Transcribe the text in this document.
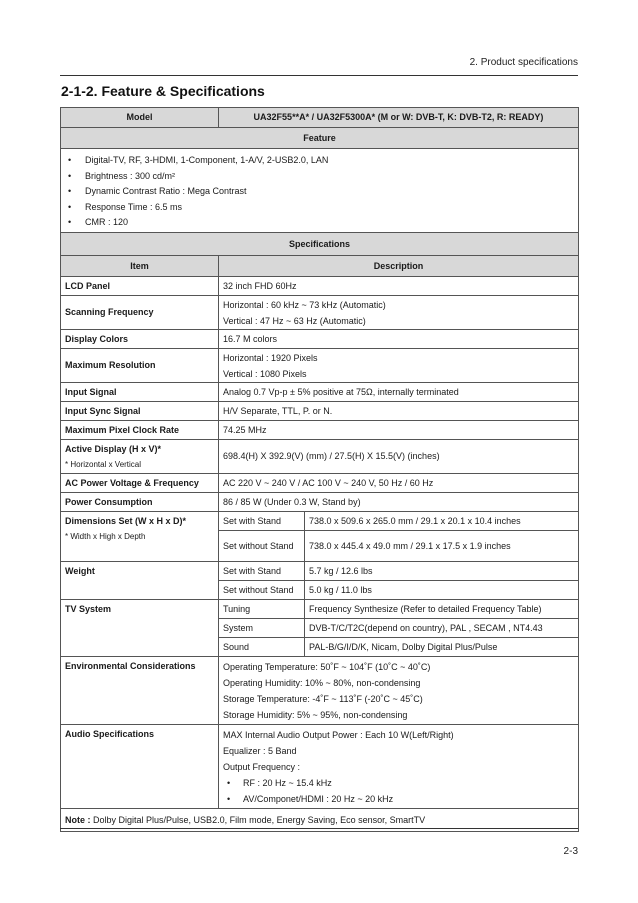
2. Product specifications
2-1-2. Feature & Specifications
Model	UA32F55**A* / UA32F5300A* (M or W: DVB-T, K: DVB-T2, R: READY)
Feature

• Digital-TV, RF, 3-HDMI, 1-Component, 1-A/V, 2-USB2.0, LAN
• Brightness : 300 cd/m²
• Dynamic Contrast Ratio : Mega Contrast
• Response Time : 6.5 ms
• CMR : 120
Specifications		
Item	Description	
LCD Panel	32 inch FHD 60Hz	
Scanning Frequency	Horizontal : 60 kHz ~ 73 kHz (Automatic)
Vertical : 47 Hz ~ 63 Hz (Automatic)	

Display Colors	16.7 M colors	
Maximum Resolution	Horizontal : 1920 Pixels
Vertical : 1080 Pixels	

Input Signal	Analog 0.7 Vp-p ± 5% positive at 75Ω, internally terminated	
Input Sync Signal	H/V Separate, TTL, P. or N.	
Maximum Pixel Clock Rate	74.25 MHz	
Active Display (H x V)*
* Horizontal x Vertical	698.4(H) X 392.9(V) (mm) / 27.5(H) X 15.5(V) (inches)	
AC Power Voltage & Frequency	AC 220 V ~ 240 V / AC 100 V ~ 240 V, 50 Hz / 60 Hz	
Power Consumption	86 / 85 W (Under 0.3 W, Stand by)	
Dimensions Set (W x H x D)*
* Width x High x Depth	Set with Stand	738.0 x 509.6 x 265.0 mm / 29.1 x 20.1 x 10.4 inches
	Set without Stand	738.0 x 445.4 x 49.0 mm / 29.1 x 17.5 x 1.9 inches
Weight	Set with Stand	5.7 kg / 12.6 lbs
	Set without Stand	5.0 kg / 11.0 lbs
TV System	Tuning	Frequency Synthesize (Refer to detailed Frequency Table)
	System	DVB-T/C/T2C(depend on country), PAL , SECAM , NT4.43
	Sound	PAL-B/G/I/D/K, Nicam, Dolby Digital Plus/Pulse
Environmental Considerations	Operating Temperature: 50˚F ~ 104˚F (10˚C ~ 40˚C)
Operating Humidity: 10% ~ 80%, non-condensing
Storage Temperature: -4˚F ~ 113˚F (-20˚C ~ 45˚C)
Storage Humidity: 5% ~ 95%, non-condensing	

Audio Specifications	MAX Internal Audio Output Power : Each 10 W(Left/Right)
Equalizer : 5 Band
Output Frequency :
• RF : 20 Hz ~ 15.4 kHz
• AV/Componet/HDMI : 20 Hz ~ 20 kHz	

Note : Dolby Digital Plus/Pulse, USB2.0, Film mode, Energy Saving, Eco sensor, SmartTV		
2-3
